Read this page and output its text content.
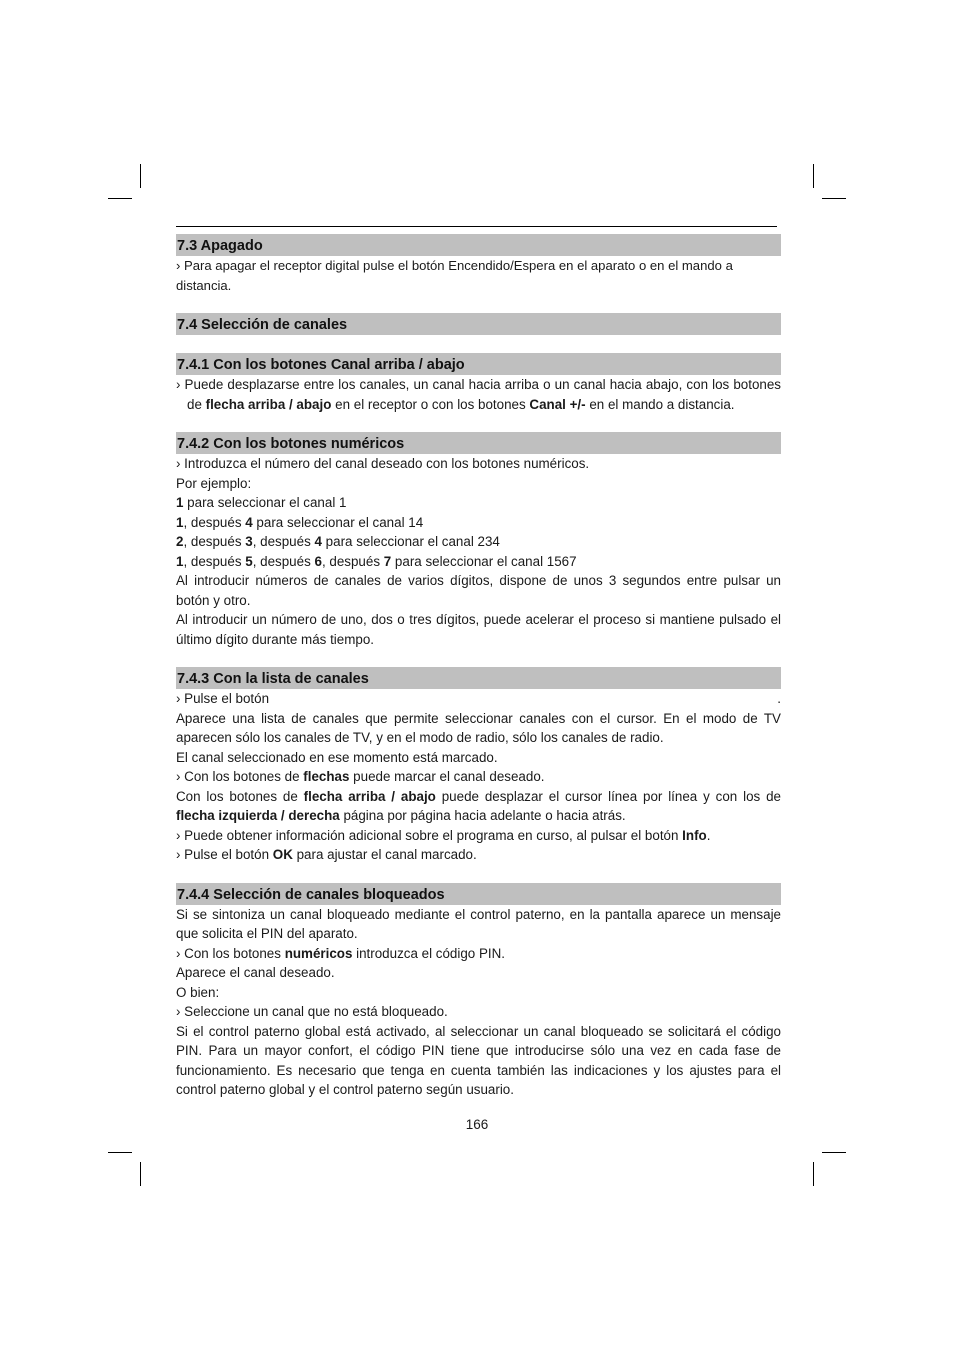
7.3 Apagado

› Para apagar el receptor digital pulse el botón Encendido/Espera en el aparato o en el mando a distancia.

7.4 Selección de canales
7.4.1 Con los botones Canal arriba / abajo

› Puede desplazarse entre los canales, un canal hacia arriba o un canal hacia abajo, con los botones de flecha arriba / abajo en el receptor o con los botones Canal +/- en el mando a distancia.

7.4.2 Con los botones numéricos

› Introduzca el número del canal deseado con los botones numéricos.

Por ejemplo:

1 para seleccionar el canal 1

1, después 4 para seleccionar el canal 14

2, después 3, después 4 para seleccionar el canal 234

1, después 5, después 6, después 7 para seleccionar el canal 1567

Al introducir números de canales de varios dígitos, dispone de unos 3 segundos entre pulsar un botón y otro.

Al introducir un número de uno, dos o tres dígitos, puede acelerar el proceso si mantiene pulsado el último dígito durante más tiempo.

7.4.3 Con la lista de canales

› Pulse el botón	.

Aparece una lista de canales que permite seleccionar canales con el cursor. En el modo de TV aparecen sólo los canales de TV, y en el modo de radio, sólo los canales de radio.

El canal seleccionado en ese momento está marcado.

› Con los botones de flechas puede marcar el canal deseado.

Con los botones de flecha arriba / abajo puede desplazar el cursor línea por línea y con los de flecha izquierda / derecha página por página hacia adelante o hacia atrás.

› Puede obtener información adicional sobre el programa en curso, al pulsar el botón Info.

› Pulse el botón OK para ajustar el canal marcado.

7.4.4 Selección de canales bloqueados

Si se sintoniza un canal bloqueado mediante el control paterno, en la pantalla aparece un mensaje que solicita el PIN del aparato.

› Con los botones numéricos introduzca el código PIN.

Aparece el canal deseado.

O bien:

› Seleccione un canal que no está bloqueado.

Si el control paterno global está activado, al seleccionar un canal bloqueado se solicitará el código PIN. Para un mayor confort, el código PIN tiene que introducirse sólo una vez en cada fase de funcionamiento. Es necesario que tenga en cuenta también las indicaciones y los ajustes para el control paterno global y el control paterno según usuario.

166
